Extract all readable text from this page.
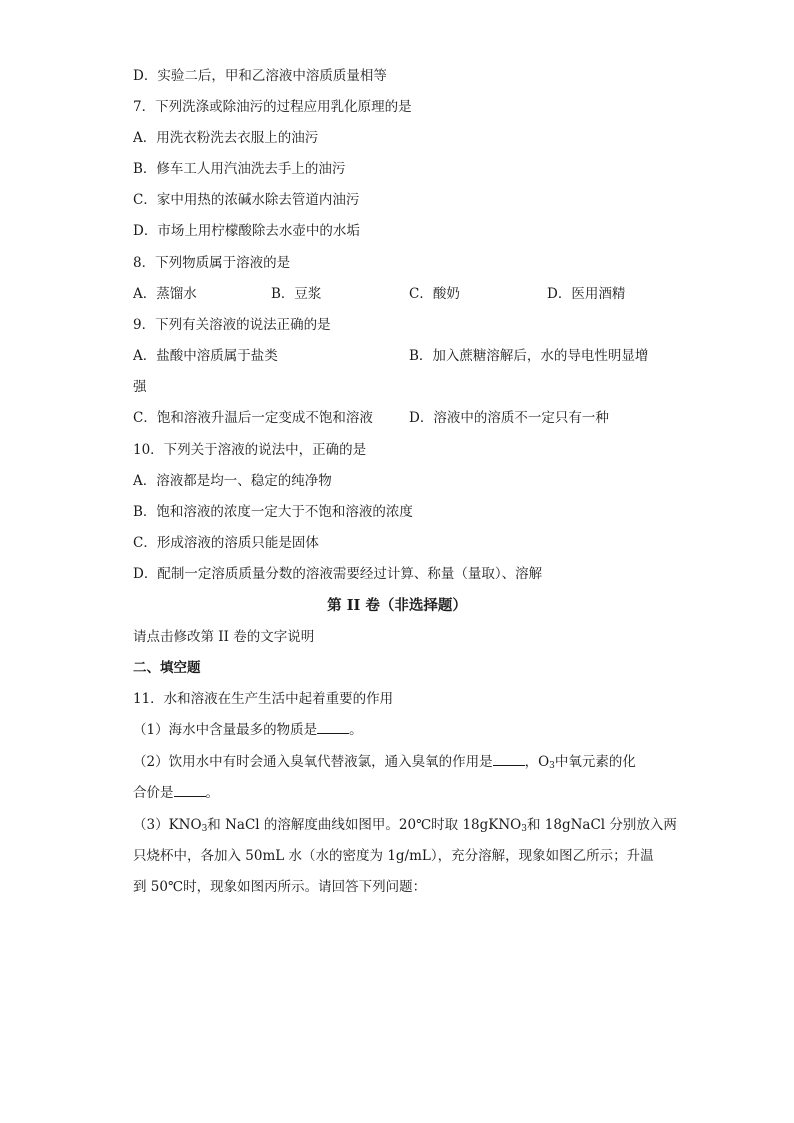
D．实验二后，甲和乙溶液中溶质质量相等
7．下列洗涤或除油污的过程应用乳化原理的是
A．用洗衣粉洗去衣服上的油污
B．修车工人用汽油洗去手上的油污
C．家中用热的浓碱水除去管道内油污
D．市场上用柠檬酸除去水壶中的水垢
8．下列物质属于溶液的是
A．蒸馏水	B．豆浆	C．酸奶	D．医用酒精
9．下列有关溶液的说法正确的是
A．盐酸中溶质属于盐类	B．加入蔗糖溶解后，水的导电性明显增
强
C．饱和溶液升温后一定变成不饱和溶液	D．溶液中的溶质不一定只有一种
10．下列关于溶液的说法中，正确的是
A．溶液都是均一、稳定的纯净物
B．饱和溶液的浓度一定大于不饱和溶液的浓度
C．形成溶液的溶质只能是固体
D．配制一定溶质质量分数的溶液需要经过计算、称量（量取）、溶解
第 II 卷（非选择题）
请点击修改第 II 卷的文字说明
二、填空题
11．水和溶液在生产生活中起着重要的作用
（1）海水中含量最多的物质是 。
（2）饮用水中有时会通入臭氧代替液氯，通入臭氧的作用是 ，$O_3$中氧元素的化
合价是 。
$(3)KNO_3$和 NaCl 的溶解度曲线如图甲。20℃时取 18gKNO$_3$和 18gNaCl 分别放入两
只烧杯中，各加入 50mL 水（水的密度为 1g/mL），充分溶解，现象如图乙所示；升温
到 50℃时，现象如图丙所示。请回答下列问题：
